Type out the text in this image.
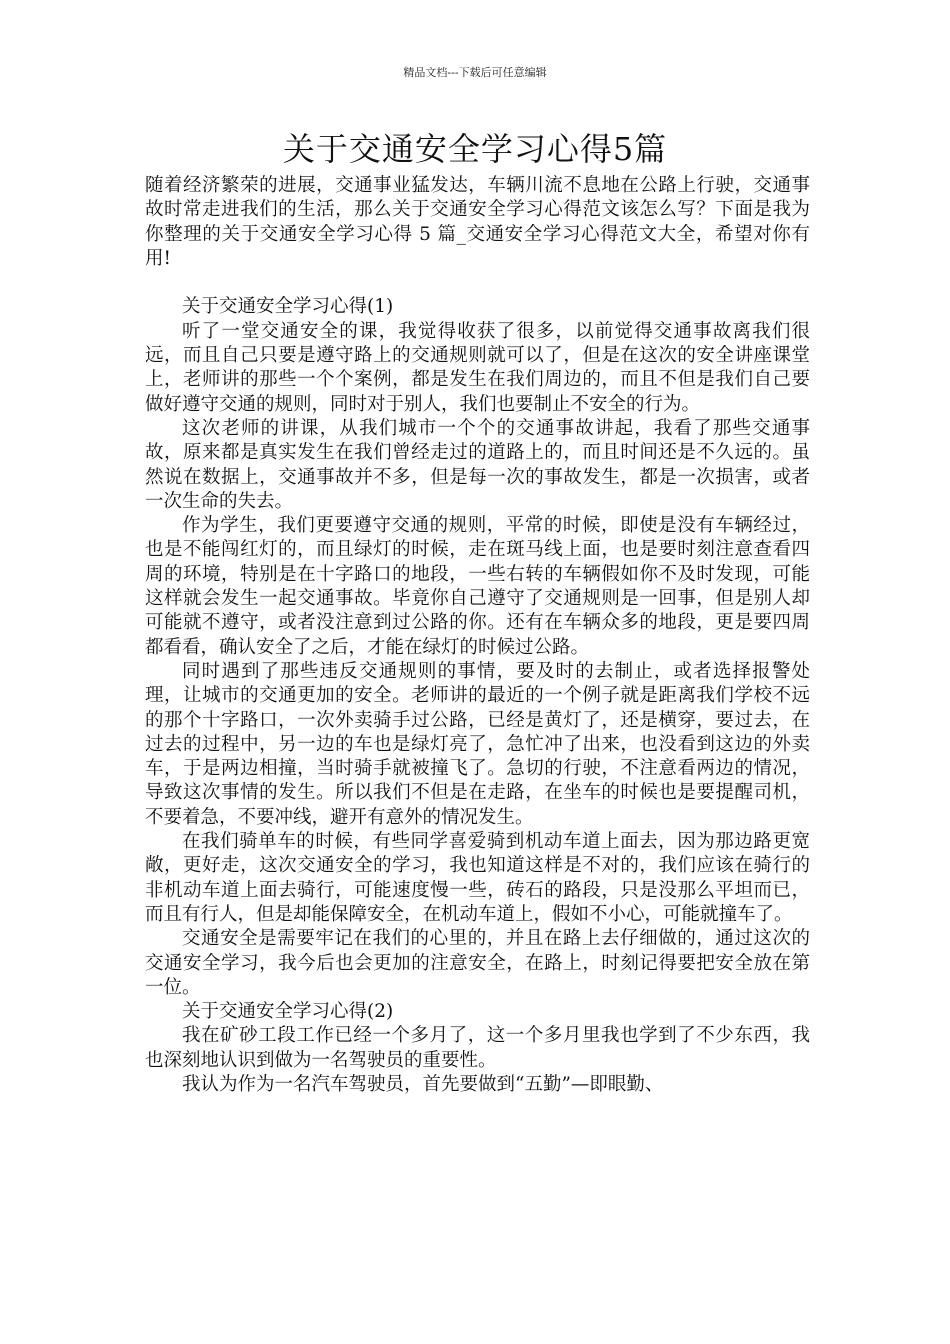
精品文档---下载后可任意编辑
关于交通安全学习心得5篇

随着经济繁荣的进展，交通事业猛发达，车辆川流不息地在公路上行驶，交通事故时常走进我们的生活，那么关于交通安全学习心得范文该怎么写？下面是我为你整理的关于交通安全学习心得 5 篇_交通安全学习心得范文大全，希望对你有用!

关于交通安全学习心得(1)

听了一堂交通安全的课，我觉得收获了很多，以前觉得交通事故离我们很远，而且自己只要是遵守路上的交通规则就可以了，但是在这次的安全讲座课堂上，老师讲的那些一个个案例，都是发生在我们周边的，而且不但是我们自己要做好遵守交通的规则，同时对于别人，我们也要制止不安全的行为。

这次老师的讲课，从我们城市一个个的交通事故讲起，我看了那些交通事故，原来都是真实发生在我们曾经走过的道路上的，而且时间还是不久远的。虽然说在数据上，交通事故并不多，但是每一次的事故发生，都是一次损害，或者一次生命的失去。

作为学生，我们更要遵守交通的规则，平常的时候，即使是没有车辆经过，也是不能闯红灯的，而且绿灯的时候，走在斑马线上面，也是要时刻注意查看四周的环境，特别是在十字路口的地段，一些右转的车辆假如你不及时发现，可能这样就会发生一起交通事故。毕竟你自己遵守了交通规则是一回事，但是别人却可能就不遵守，或者没注意到过公路的你。还有在车辆众多的地段，更是要四周都看看，确认安全了之后，才能在绿灯的时候过公路。

同时遇到了那些违反交通规则的事情，要及时的去制止，或者选择报警处理，让城市的交通更加的安全。老师讲的最近的一个例子就是距离我们学校不远的那个十字路口，一次外卖骑手过公路，已经是黄灯了，还是横穿，要过去，在过去的过程中，另一边的车也是绿灯亮了，急忙冲了出来，也没看到这边的外卖车，于是两边相撞，当时骑手就被撞飞了。急切的行驶，不注意看两边的情况，导致这次事情的发生。所以我们不但是在走路，在坐车的时候也是要提醒司机，不要着急，不要冲线，避开有意外的情况发生。

在我们骑单车的时候，有些同学喜爱骑到机动车道上面去，因为那边路更宽敞，更好走，这次交通安全的学习，我也知道这样是不对的，我们应该在骑行的非机动车道上面去骑行，可能速度慢一些，砖石的路段，只是没那么平坦而已，而且有行人，但是却能保障安全，在机动车道上，假如不小心，可能就撞车了。

交通安全是需要牢记在我们的心里的，并且在路上去仔细做的，通过这次的交通安全学习，我今后也会更加的注意安全，在路上，时刻记得要把安全放在第一位。

关于交通安全学习心得(2)

我在矿砂工段工作已经一个多月了，这一个多月里我也学到了不少东西，我也深刻地认识到做为一名驾驶员的重要性。

我认为作为一名汽车驾驶员，首先要做到“五勤”—即眼勤、
